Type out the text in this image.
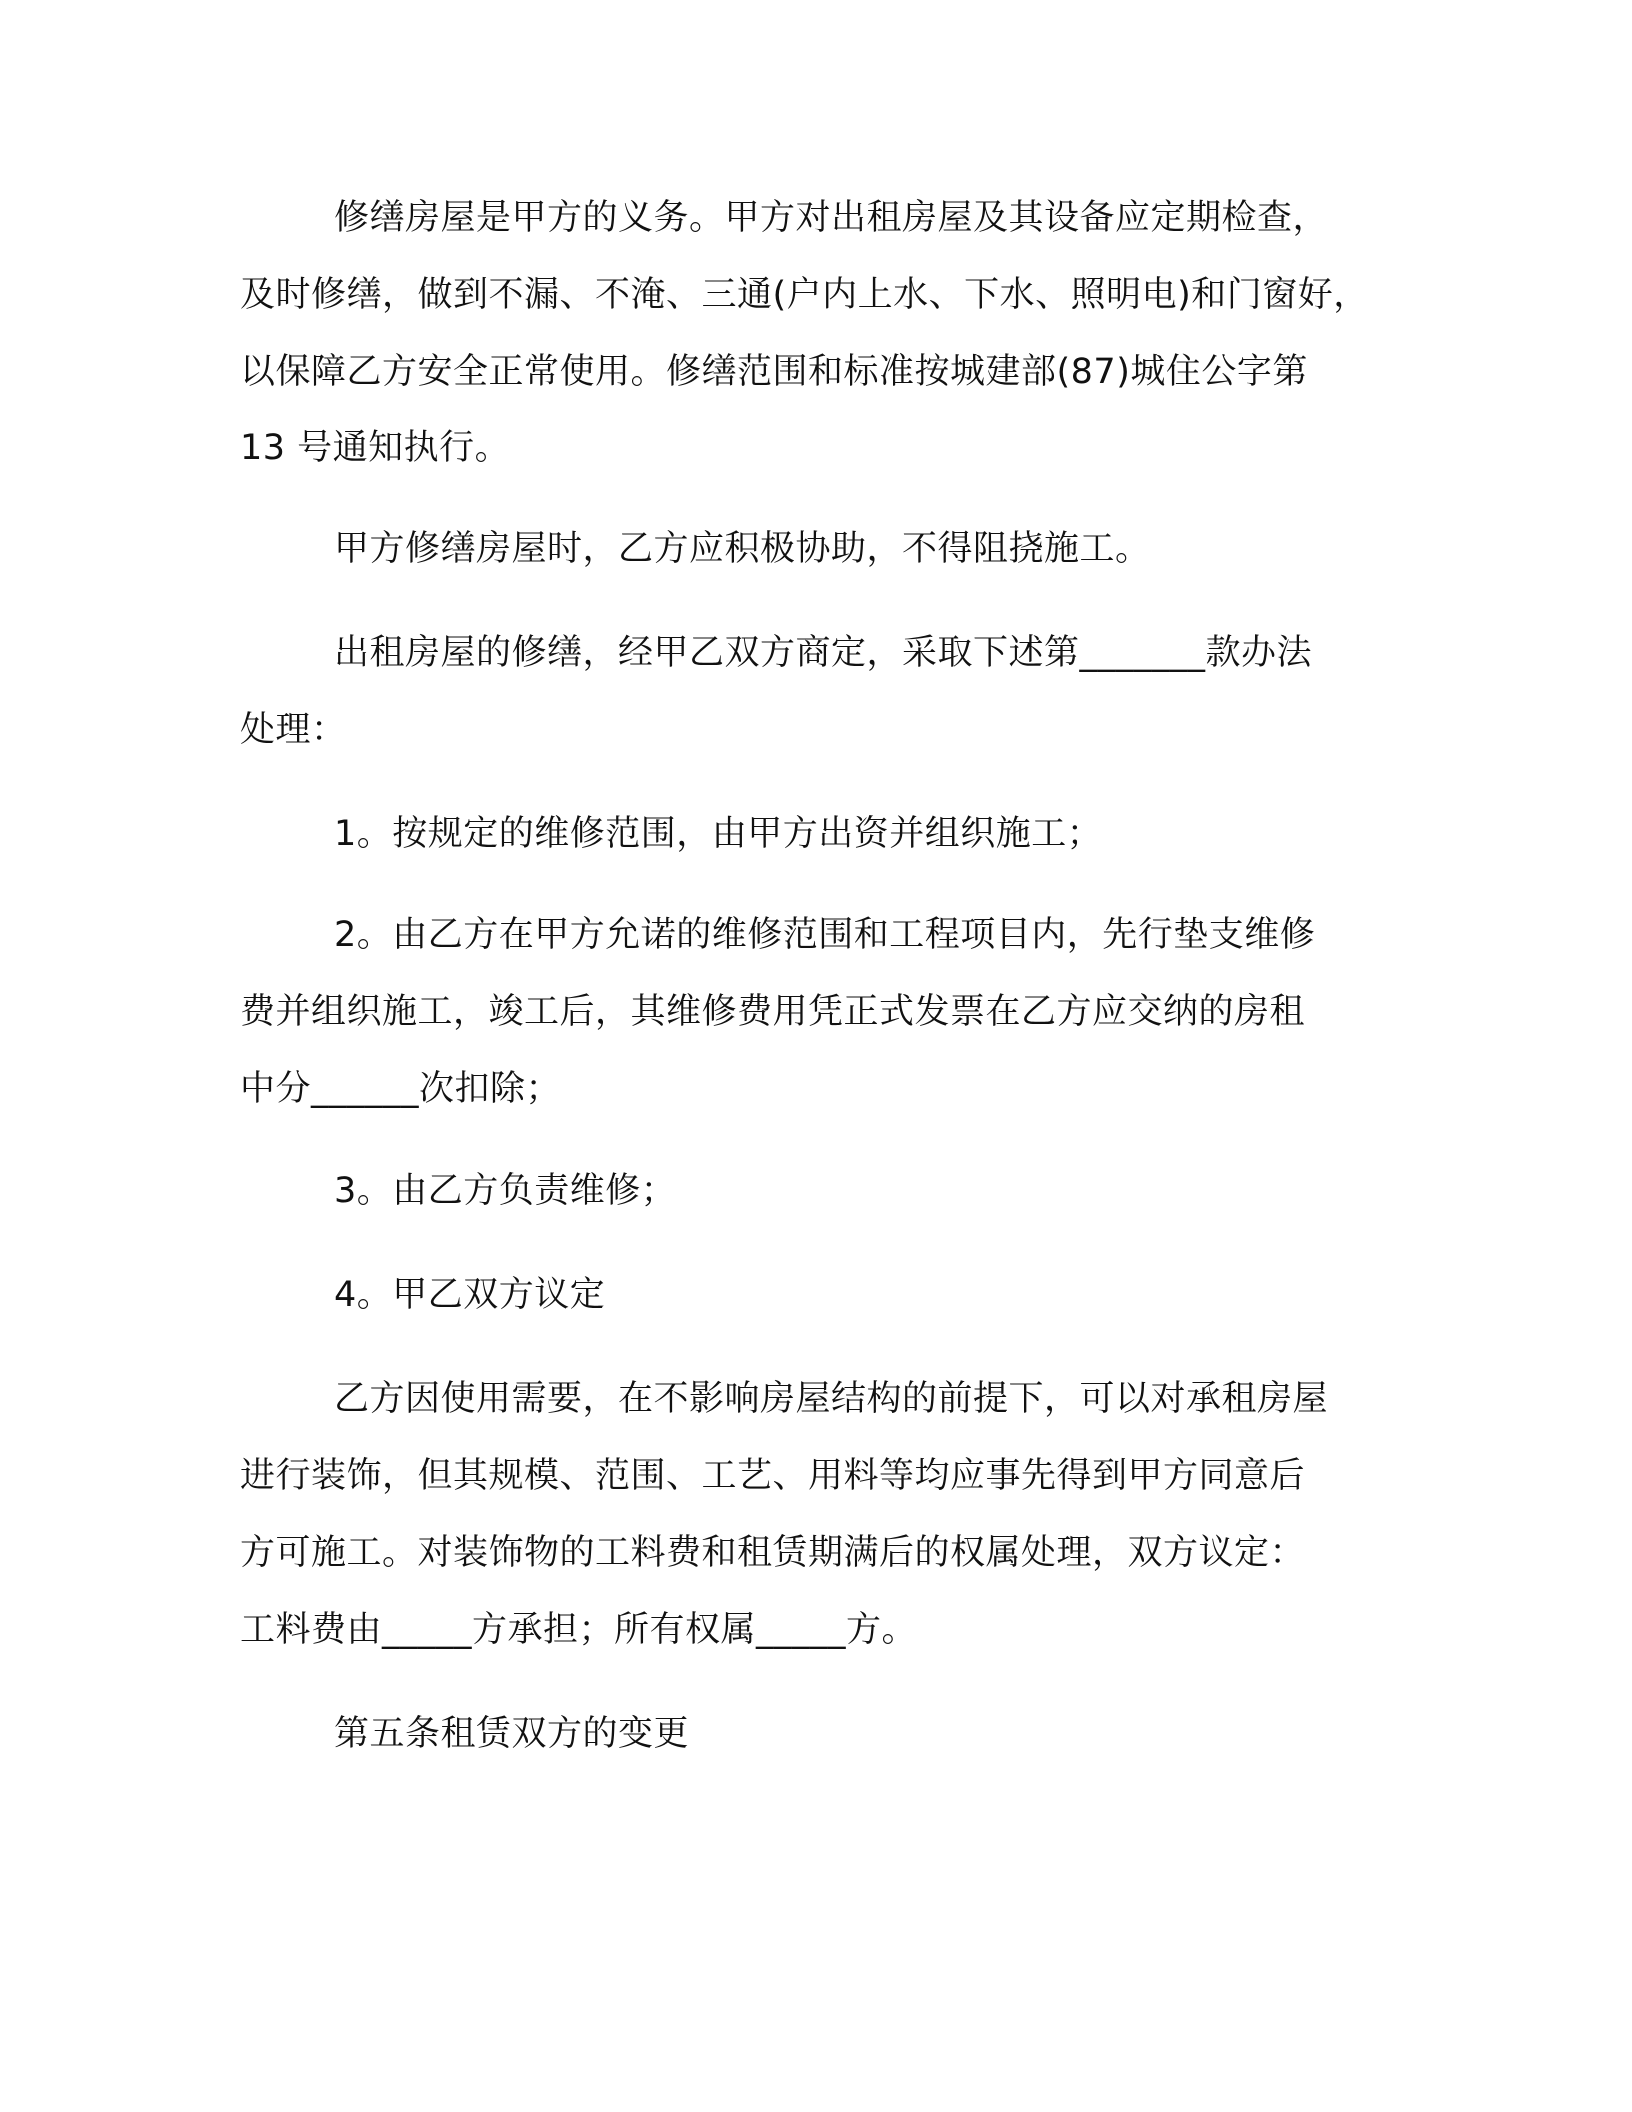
修缮房屋是甲方的义务。甲方对出租房屋及其设备应定期检查，
及时修缮，做到不漏、不淹、三通(户内上水、下水、照明电)和门窗好，
以保障乙方安全正常使用。修缮范围和标准按城建部(87)城住公字第
13 号通知执行。
甲方修缮房屋时，乙方应积极协助，不得阻挠施工。
出租房屋的修缮，经甲乙双方商定，采取下述第_______款办法
处理：
1。按规定的维修范围，由甲方出资并组织施工；
2。由乙方在甲方允诺的维修范围和工程项目内，先行垫支维修
费并组织施工，竣工后，其维修费用凭正式发票在乙方应交纳的房租
中分______次扣除；
3。由乙方负责维修；
4。甲乙双方议定
乙方因使用需要，在不影响房屋结构的前提下，可以对承租房屋
进行装饰，但其规模、范围、工艺、用料等均应事先得到甲方同意后
方可施工。对装饰物的工料费和租赁期满后的权属处理，双方议定：
工料费由_____方承担；所有权属_____方。
第五条租赁双方的变更
